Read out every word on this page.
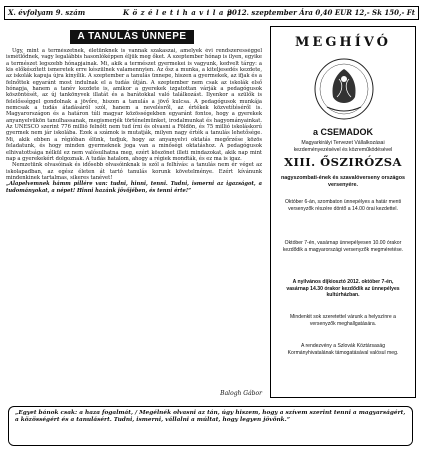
X. évfolyam 9. szám	K ö z é l e t i h a v i l a p
2012. szeptember Ára 0,40 EUR 12,- Sk 150,- Ft
A TANULÁS ÜNNEPE

Úgy, mint a természetnek, életünknek is vannak szakaszai, amelyek évi rendszerességgel ismétlődnek, vagy legalábbis hasonlóképpen éljük meg őket. A szeptember hónap is ilyen, egyike a természet legszebb hónapjainak. Mi, akik a természet gyermekei is vagyunk, kedvelt tárgy: a kis előkészített ismeretek erre készülnek valamennyien. Az ősz a munka, a kiteljesedés kezdete, az iskolák kapuja újra kinyílik. A szeptember a tanulás ünnepe, hiszen a gyermekek, az ifjak és a felnőttek egyaránt most indulnak el a tudás útján. A szeptember nem csak az iskolák első hónapja, hanem a tanév kezdete is, amikor a gyerekek izgatottan várják a pedagógusok köszöntését, az új tankönyvek illatát és a barátokkal való találkozást. Ilyenkor a szülők is felelősséggel gondolnak a jövőre, hiszen a tanulás a jövő kulcsa. A pedagógusok munkája nemcsak a tudás átadásáról szól, hanem a nevelésről, az értékek közvetítéséről is. Magyarországon és a határon túli magyar közösségekben egyaránt fontos, hogy a gyerekek anyanyelvükön tanulhassanak, megismerjék történelmünket, irodalmunkat és hagyományainkat. Az UNESCO szerint 776 millió felnőtt nem tud írni és olvasni a Földön, és 75 millió iskoláskorú gyermek nem jár iskolába. Ezek a számok is mutatják, milyen nagy érték a tanulás lehetősége. Mi, akik ebben a régióban élünk, tudjuk, hogy az anyanyelvi oktatás megőrzése közös feladatunk, és hogy minden gyermeknek joga van a minőségi oktatáshoz. A pedagógusok elhivatottsága nélkül ez nem valósulhatna meg, ezért köszönet illeti mindazokat, akik nap mint nap a gyerekekért dolgoznak. A tudás hatalom, ahogy a régiek mondták, és ez ma is igaz.

Nemzetünk olvasóinak és idősebb olvasóinknak is szól a felhívás: a tanulás nem ér véget az iskolapadban, az egész életen át tartó tanulás korunk követelménye. Ezért kívánunk mindenkinek tartalmas, sikeres tanévet!

„Alapelvemnek hámm pillére van: tudni, hinni, tenni. Tudni, ismerni az igazságot, a tudományokat, a népet! Hinni hazánk jövőjében, és tenni érte!”

Balogh Gábor
MEGHÍVÓ
a CSEMADOK
Magyarkirályi Tervezet Vállalkozásai kezdeményezésével és közreműködésével
XIII. ŐSZIRÓZSA
nagyszombati-ének és szavalóverseny országos versenyére.
Október 6-án, szombaton ünnepélyes a határ menti versenyzők részére döntő a 14.00 órai kezdettel.
Október 7-én, vasárnap ünnepélyesen 10.00 órakor kezdődik a magyarországi versenyzők megméretése.
A nyilvános díjkiosztó 2012. október 7-én, vasárnap 14.30 órakor kezdődik az ünnepélyes kultúrházban.
Mindenkit sok szeretettel várunk a helyszínre a versenyzők meghallgatására.
A rendezvény a Szlovák Köztársaság Kormányhivatalának támogatásával valósul meg.
„Egyet bánok csak: a haza fogalmát, / Megélnék olvasni az tán, úgy hiszem, hogy a szívem szerint tenni a magyarságért, a közösségért és a tanulásért. Tudni, ismerni, vállalni a múltat, hogy legyen jövőnk.”
